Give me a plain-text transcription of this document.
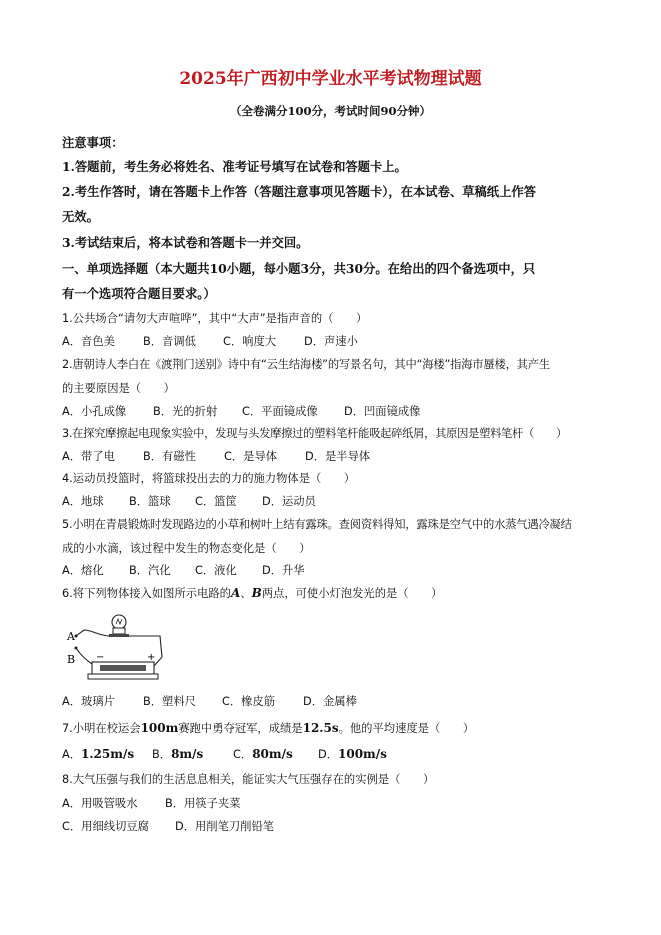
2025年广西初中学业水平考试物理试题
（全卷满分100分，考试时间90分钟）
注意事项：
1.答题前，考生务必将姓名、准考证号填写在试卷和答题卡上。
2.考生作答时，请在答题卡上作答（答题注意事项见答题卡），在本试卷、草稿纸上作答
无效。
3.考试结束后，将本试卷和答题卡一并交回。
一、单项选择题（本大题共10小题，每小题3分，共30分。在给出的四个备选项中，只
有一个选项符合题目要求。）
1.公共场合“请勿大声喧哗”，其中“大声”是指声音的（　　）
A．音色美 B．音调低 C．响度大 D．声速小
2.唐朝诗人李白在《渡荆门送别》诗中有“云生结海楼”的写景名句，其中“海楼”指海市蜃楼，其产生
的主要原因是（　　）
A．小孔成像 B．光的折射 C．平面镜成像 D．凹面镜成像
3.在探究摩擦起电现象实验中，发现与头发摩擦过的塑料笔杆能吸起碎纸屑，其原因是塑料笔杆（　　）
A．带了电 B．有磁性 C．是导体 D．是半导体
4.运动员投篮时，将篮球投出去的力的施力物体是（　　）
A．地球 B．篮球 C．篮筐 D．运动员
5.小明在青晨锻炼时发现路边的小草和树叶上结有露珠。查阅资料得知，露珠是空气中的水蒸气遇冷凝结
成的小水滴，该过程中发生的物态变化是（　　）
A．熔化 B．汽化 C．液化 D．升华
6.将下列物体接入如图所示电路的A、B两点，可使小灯泡发光的是（　　）
A
B −	+
A．玻璃片 B．塑料尺 C．橡皮筋 D．金属棒
7.小明在校运会100m赛跑中勇夺冠军，成绩是12.5s。他的平均速度是（　　）
A．1.25m/s B．8m/s	C．80m/s D．100m/s
8.大气压强与我们的生活息息相关，能证实大气压强存在的实例是（　　）
A．用吸管吸水 B．用筷子夹菜
C．用细线切豆腐 D．用削笔刀削铅笔
